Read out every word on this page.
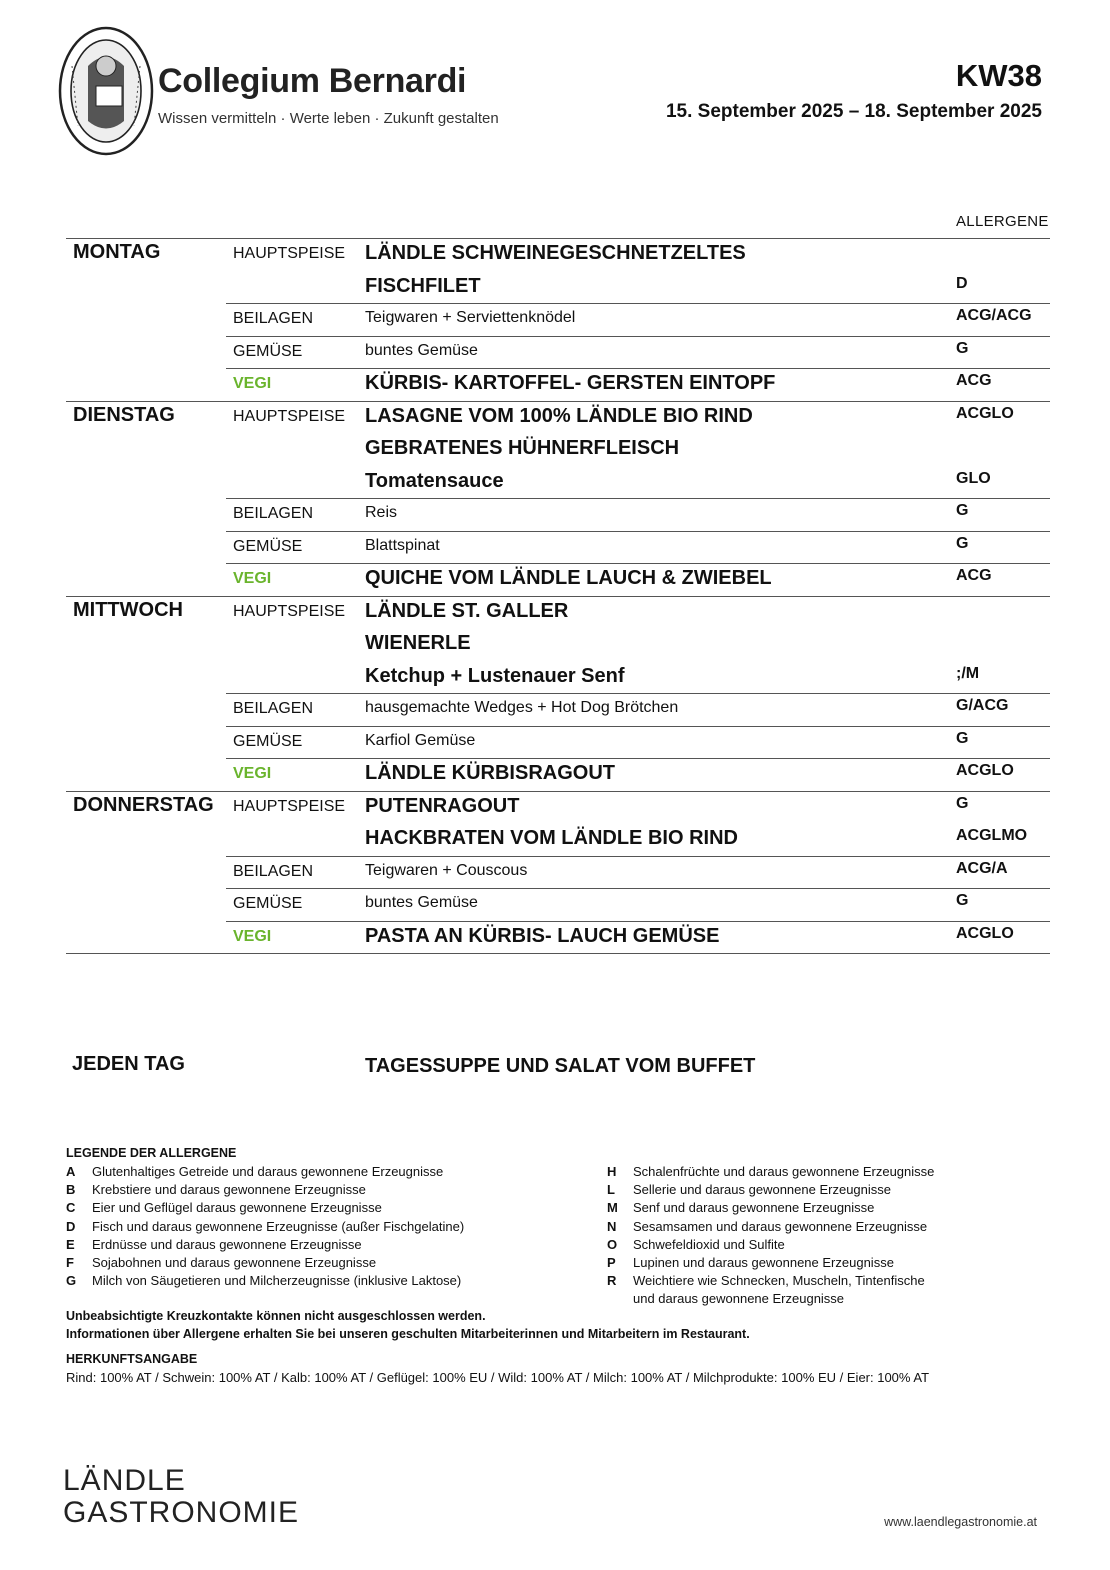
Collegium Bernardi
Wissen vermitteln · Werte leben · Zukunft gestalten
KW38
15. September 2025 – 18. September 2025
ALLERGENE
MONTAG	HAUPTSPEISE LÄNDLE SCHWEINEGESCHNETZELTES
FISCHFILET	D
BEILAGEN	Teigwaren + Serviettenknödel	ACG/ACG
GEMÜSE	buntes Gemüse	G
VEGI	KÜRBIS- KARTOFFEL- GERSTEN EINTOPF	ACG
DIENSTAG	HAUPTSPEISE LASAGNE VOM 100% LÄNDLE BIO RIND	ACGLO
GEBRATENES HÜHNERFLEISCH
Tomatensauce	GLO
BEILAGEN	Reis	G
GEMÜSE	Blattspinat	G
VEGI	QUICHE VOM LÄNDLE LAUCH & ZWIEBEL	ACG
MITTWOCH	HAUPTSPEISE LÄNDLE ST. GALLER
WIENERLE
Ketchup + Lustenauer Senf	;/M
BEILAGEN	hausgemachte Wedges + Hot Dog Brötchen	G/ACG
GEMÜSE	Karfiol Gemüse	G
VEGI	LÄNDLE KÜRBISRAGOUT	ACGLO
DONNERSTAG HAUPTSPEISE PUTENRAGOUT	G
HACKBRATEN VOM LÄNDLE BIO RIND	ACGLMO
BEILAGEN	Teigwaren + Couscous	ACG/A
GEMÜSE	buntes Gemüse	G
VEGI	PASTA AN KÜRBIS- LAUCH GEMÜSE	ACGLO
JEDEN TAG	TAGESSUPPE UND SALAT VOM BUFFET
LEGENDE DER ALLERGENE
A Glutenhaltiges Getreide und daraus gewonnene Erzeugnisse
B Krebstiere und daraus gewonnene Erzeugnisse
C Eier und Geflügel daraus gewonnene Erzeugnisse
D Fisch und daraus gewonnene Erzeugnisse (außer Fischgelatine)
E Erdnüsse und daraus gewonnene Erzeugnisse
F Sojabohnen und daraus gewonnene Erzeugnisse
G Milch von Säugetieren und Milcherzeugnisse (inklusive Laktose)
H Schalenfrüchte und daraus gewonnene Erzeugnisse
L Sellerie und daraus gewonnene Erzeugnisse
M Senf und daraus gewonnene Erzeugnisse
N Sesamsamen und daraus gewonnene Erzeugnisse
O Schwefeldioxid und Sulfite
P Lupinen und daraus gewonnene Erzeugnisse
R Weichtiere wie Schnecken, Muscheln, Tintenfische
und daraus gewonnene Erzeugnisse
Unbeabsichtigte Kreuzkontakte können nicht ausgeschlossen werden.
Informationen über Allergene erhalten Sie bei unseren geschulten Mitarbeiterinnen und Mitarbeitern im Restaurant.
HERKUNFTSANGABE
Rind: 100% AT / Schwein: 100% AT / Kalb: 100% AT / Geflügel: 100% EU / Wild: 100% AT / Milch: 100% AT / Milchprodukte: 100% EU / Eier: 100% AT
LÄNDLE
GASTRONOMIE	www.laendlegastronomie.at
